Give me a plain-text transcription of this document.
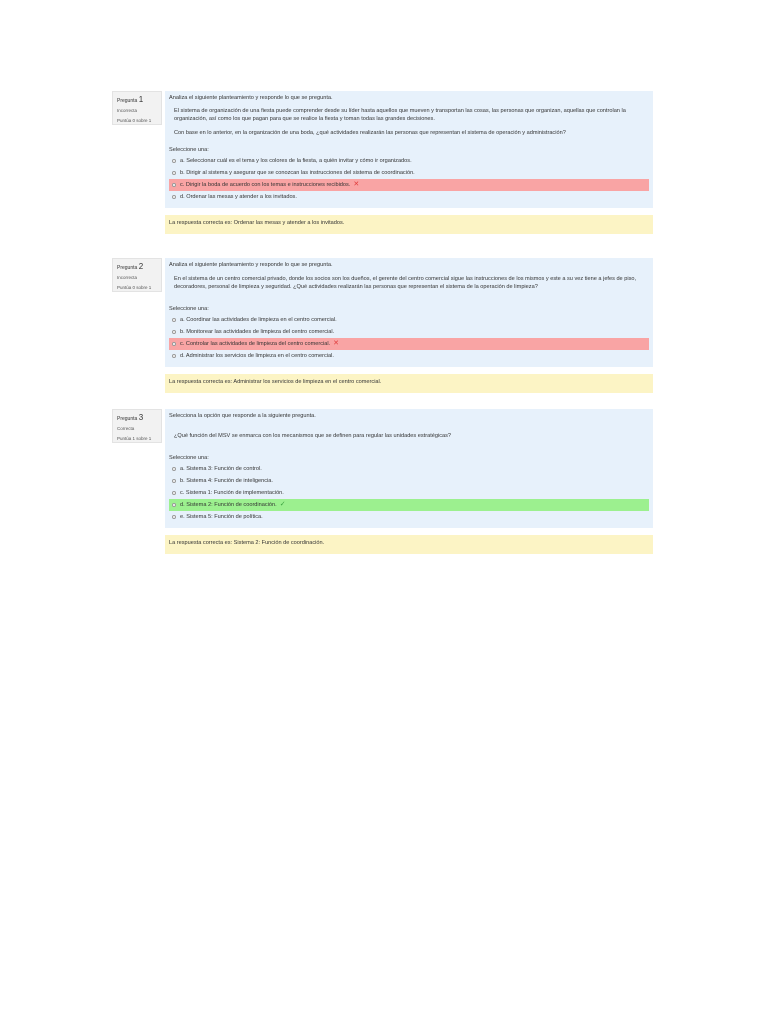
Pregunta 1
Incorrecta
Puntúa 0 sobre 1
Analiza el siguiente planteamiento y responde lo que se pregunta.
El sistema de organización de una fiesta puede comprender desde su líder hasta aquellos que mueven y transportan las cosas, las personas que organizan, aquellas que controlan la organización, así como los que pagan para que se realice la fiesta y toman todas las grandes decisiones.
Con base en lo anterior, en la organización de una boda, ¿qué actividades realizarán las personas que representan el sistema de operación y administración?
Seleccione una:
a. Seleccionar cuál es el tema y los colores de la fiesta, a quién invitar y cómo ir organizados.
b. Dirigir al sistema y asegurar que se conozcan las instrucciones del sistema de coordinación.
c. Dirigir la boda de acuerdo con los temas e instrucciones recibidos. ✕
d. Ordenar las mesas y atender a los invitados.
La respuesta correcta es: Ordenar las mesas y atender a los invitados.
Pregunta 2
Incorrecta
Puntúa 0 sobre 1
Analiza el siguiente planteamiento y responde lo que se pregunta.
En el sistema de un centro comercial privado, donde los socios son los dueños, el gerente del centro comercial sigue las instrucciones de los mismos y este a su vez tiene a jefes de piso, decoradores, personal de limpieza y seguridad. ¿Qué actividades realizarán las personas que representan el sistema de la operación de limpieza?
Seleccione una:
a. Coordinar las actividades de limpieza en el centro comercial.
b. Monitorear las actividades de limpieza del centro comercial.
c. Controlar las actividades de limpieza del centro comercial. ✕
d. Administrar los servicios de limpieza en el centro comercial.
La respuesta correcta es: Administrar los servicios de limpieza en el centro comercial.
Pregunta 3
Correcta
Puntúa 1 sobre 1
Selecciona la opción que responde a la siguiente pregunta.
¿Qué función del MSV se enmarca con los mecanismos que se definen para regular las unidades estratégicas?
Seleccione una:
a. Sistema 3: Función de control.
b. Sistema 4: Función de inteligencia.
c. Sistema 1: Función de implementación.
d. Sistema 2: Función de coordinación. ✓
e. Sistema 5: Función de política.
La respuesta correcta es: Sistema 2: Función de coordinación.
